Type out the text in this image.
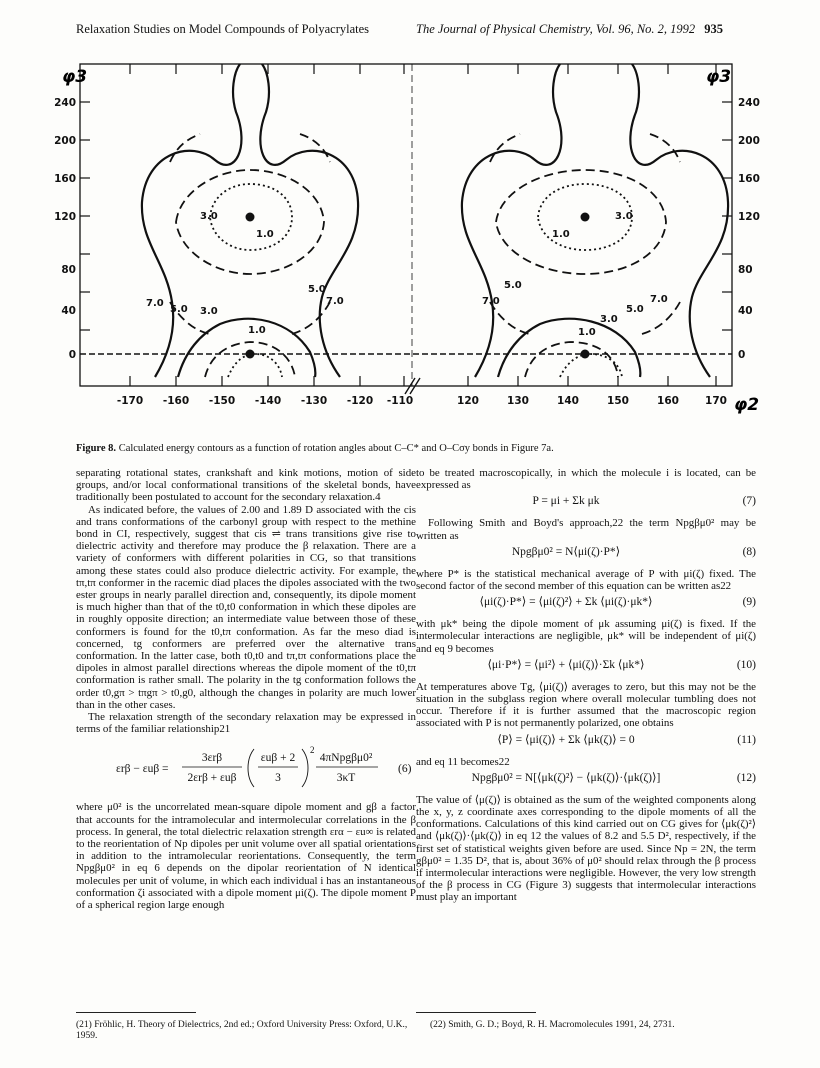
Relaxation Studies on Model Compounds of Polyacrylates	The Journal of Physical Chemistry, Vol. 96, No. 2, 1992 935
φ3	φ3
φ2
240
200
160
120
80
40
0
240
200
160
120
80
40
0
-170 -160 -150 -140 -130 -120 -110	120	130	140	150	160 170
3.0
1.0
3.0
1.0
7.0
5.0 3.0
1.0
5.0
7.0	7.0
5.0
5.0
7.0
3.0
1.0
Figure 8. Calculated energy contours as a function of rotation angles about C–C* and O–Cσy bonds in Figure 7a.

separating rotational states, crankshaft and kink motions, motion of side groups, and/or local conformational transitions of the skeletal bonds, have traditionally been postulated to account for the secondary relaxation.4

As indicated before, the values of 2.00 and 1.89 D associated with the cis and trans conformations of the carbonyl group with respect to the methine bond in CI, respectively, suggest that cis ⇌ trans transitions give rise to dielectric activity and therefore may produce the β relaxation. There are a variety of conformers with different polarities in CG, so that transitions among these states could also produce dielectric activity. For example, the tπ,tπ conformer in the racemic diad places the dipoles associated with the two ester groups in nearly parallel direction and, consequently, its dipole moment is much higher than that of the t0,t0 conformation in which these dipoles are in roughly opposite direction; an intermediate value between those of these conformers is found for the t0,tπ conformation. As far the meso diad is concerned, tg conformers are preferred over the alternative trans conformation. In the latter case, both t0,t0 and tπ,tπ conformations place the dipoles in almost parallel directions whereas the dipole moment of the t0,tπ conformation is rather small. The polarity in the tg conformation follows the order t0,gπ > tπgπ > t0,g0, although the changes in polarity are much lower than in the other cases.

The relaxation strength of the secondary relaxation may be expressed in terms of the familiar relationship21

εrβ − εuβ =
3εrβ
2εrβ + εuβ
εuβ + 2
3
2
4πNpgβμ0²
3κT
(6)

where μ0² is the uncorrelated mean-square dipole moment and gβ a factor that accounts for the intramolecular and intermolecular correlations in the β process. In general, the total dielectric relaxation strength εrα − εu∞ is related to the reorientation of Np dipoles per unit volume over all spatial orientations in addition to the intramolecular reorientations. Consequently, the term Npgβμ0² in eq 6 depends on the dipolar reorientation of N identical molecules per unit of volume, in which each individual i has an instantaneous conformation ζi associated with a dipole moment μi(ζ). The dipole moment P of a spherical region large enough

to be treated macroscopically, in which the molecule i is located, can be expressed as

P = μi + Σk μk	(7)

Following Smith and Boyd's approach,22 the term Npgβμ0² may be written as

Npgβμ0² = N⟨μi(ζ)·P*⟩	(8)

where P* is the statistical mechanical average of P with μi(ζ) fixed. The second factor of the second member of this equation can be written as22

⟨μi(ζ)·P*⟩ = ⟨μi(ζ)²⟩ + Σk ⟨μi(ζ)·μk*⟩	(9)

with μk* being the dipole moment of μk assuming μi(ζ) is fixed. If the intermolecular interactions are negligible, μk* will be independent of μi(ζ) and eq 9 becomes

⟨μi·P*⟩ = ⟨μi²⟩ + ⟨μi(ζ)⟩·Σk ⟨μk*⟩	(10)

At temperatures above Tg, ⟨μi(ζ)⟩ averages to zero, but this may not be the situation in the subglass region where overall molecular tumbling does not occur. Therefore if it is further assumed that the macroscopic region associated with P is not permanently polarized, one obtains

⟨P⟩ = ⟨μi(ζ)⟩ + Σk ⟨μk(ζ)⟩ = 0	(11)

and eq 11 becomes22

Npgβμ0² = N[⟨μk(ζ)²⟩ − ⟨μk(ζ)⟩·⟨μk(ζ)⟩]	(12)

The value of ⟨μ(ζ)⟩ is obtained as the sum of the weighted components along the x, y, z coordinate axes corresponding to the dipole moments of all the conformations. Calculations of this kind carried out on CG gives for ⟨μk(ζ)²⟩ and ⟨μk(ζ)⟩·⟨μk(ζ)⟩ in eq 12 the values of 8.2 and 5.5 D², respectively, if the first set of statistical weights given before are used. Since Np = 2N, the term gβμ0² = 1.35 D², that is, about 36% of μ0² should relax through the β process if intermolecular interactions were negligible. However, the very low strength of the β process in CG (Figure 3) suggests that intermolecular interactions must play an important

(21) Fröhlic, H. Theory of Dielectrics, 2nd ed.; Oxford University Press: Oxford, U.K., 1959.
(22) Smith, G. D.; Boyd, R. H. Macromolecules 1991, 24, 2731.
